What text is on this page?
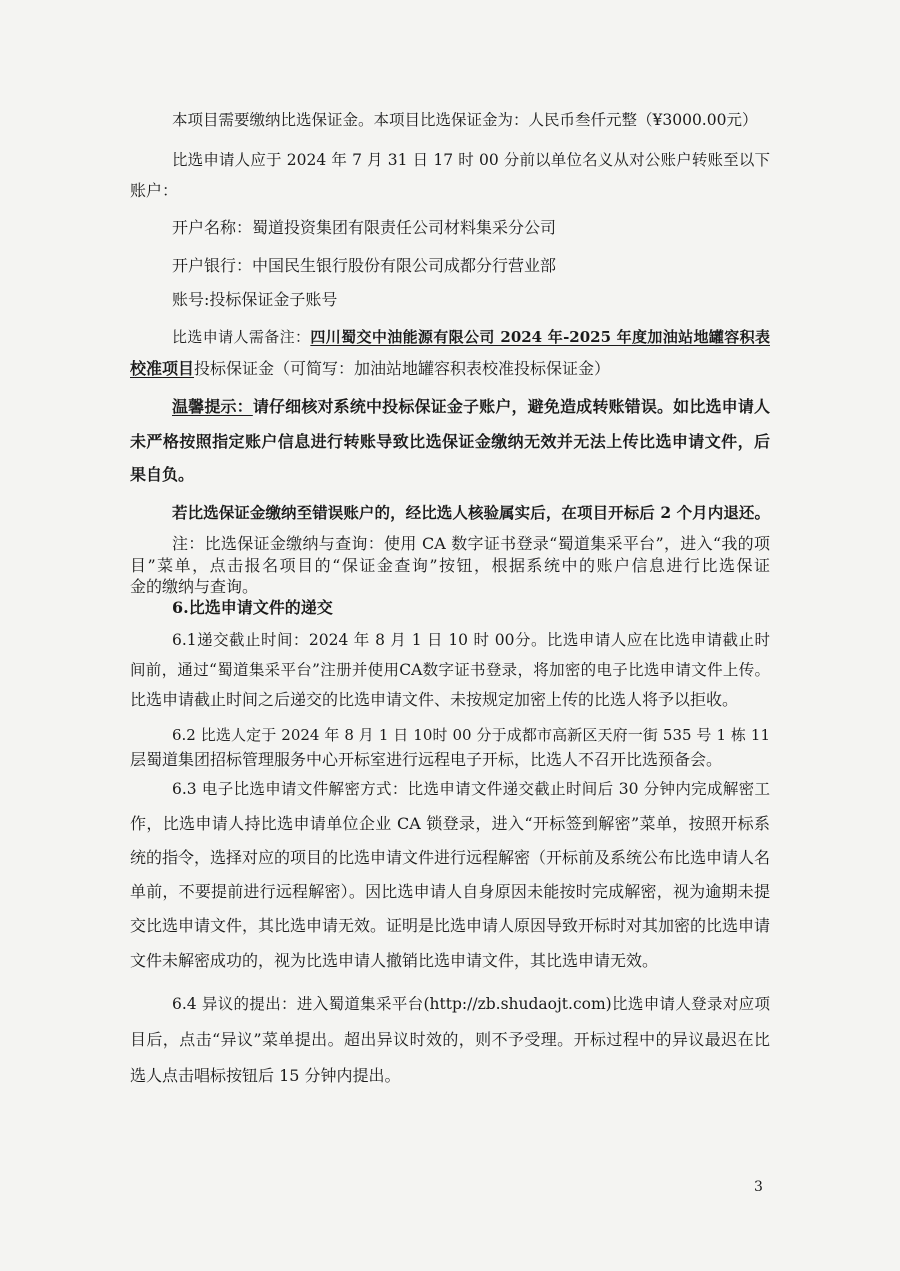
本项目需要缴纳比选保证金。本项目比选保证金为：人民币叁仟元整（¥3000.00元）

比选申请人应于 2024 年 7 月 31 日 17 时 00 分前以单位名义从对公账户转账至以下

账户：

开户名称：蜀道投资集团有限责任公司材料集采分公司

开户银行：中国民生银行股份有限公司成都分行营业部

账号:投标保证金子账号

比选申请人需备注：四川蜀交中油能源有限公司 2024 年-2025 年度加油站地罐容积表

校准项目投标保证金（可简写：加油站地罐容积表校准投标保证金）

温馨提示：请仔细核对系统中投标保证金子账户，避免造成转账错误。如比选申请人

未严格按照指定账户信息进行转账导致比选保证金缴纳无效并无法上传比选申请文件，后

果自负。

若比选保证金缴纳至错误账户的，经比选人核验属实后，在项目开标后 2 个月内退还。

注：比选保证金缴纳与查询：使用 CA 数字证书登录“蜀道集采平台”，进入“我的项

目”菜单，点击报名项目的“保证金查询”按钮，根据系统中的账户信息进行比选保证

金的缴纳与查询。

6.比选申请文件的递交

6.1递交截止时间：2024 年 8 月 1 日 10 时 00分。比选申请人应在比选申请截止时

间前，通过“蜀道集采平台”注册并使用CA数字证书登录，将加密的电子比选申请文件上传。

比选申请截止时间之后递交的比选申请文件、未按规定加密上传的比选人将予以拒收。

6.2 比选人定于 2024 年 8 月 1 日 10时 00 分于成都市高新区天府一街 535 号 1 栋 11

层蜀道集团招标管理服务中心开标室进行远程电子开标，比选人不召开比选预备会。

6.3 电子比选申请文件解密方式：比选申请文件递交截止时间后 30 分钟内完成解密工

作，比选申请人持比选申请单位企业 CA 锁登录，进入“开标签到解密”菜单，按照开标系

统的指令，选择对应的项目的比选申请文件进行远程解密（开标前及系统公布比选申请人名

单前，不要提前进行远程解密）。因比选申请人自身原因未能按时完成解密，视为逾期未提

交比选申请文件，其比选申请无效。证明是比选申请人原因导致开标时对其加密的比选申请

文件未解密成功的，视为比选申请人撤销比选申请文件，其比选申请无效。

6.4 异议的提出：进入蜀道集采平台(http://zb.shudaojt.com)比选申请人登录对应项

目后，点击“异议”菜单提出。超出异议时效的，则不予受理。开标过程中的异议最迟在比

选人点击唱标按钮后 15 分钟内提出。

3
